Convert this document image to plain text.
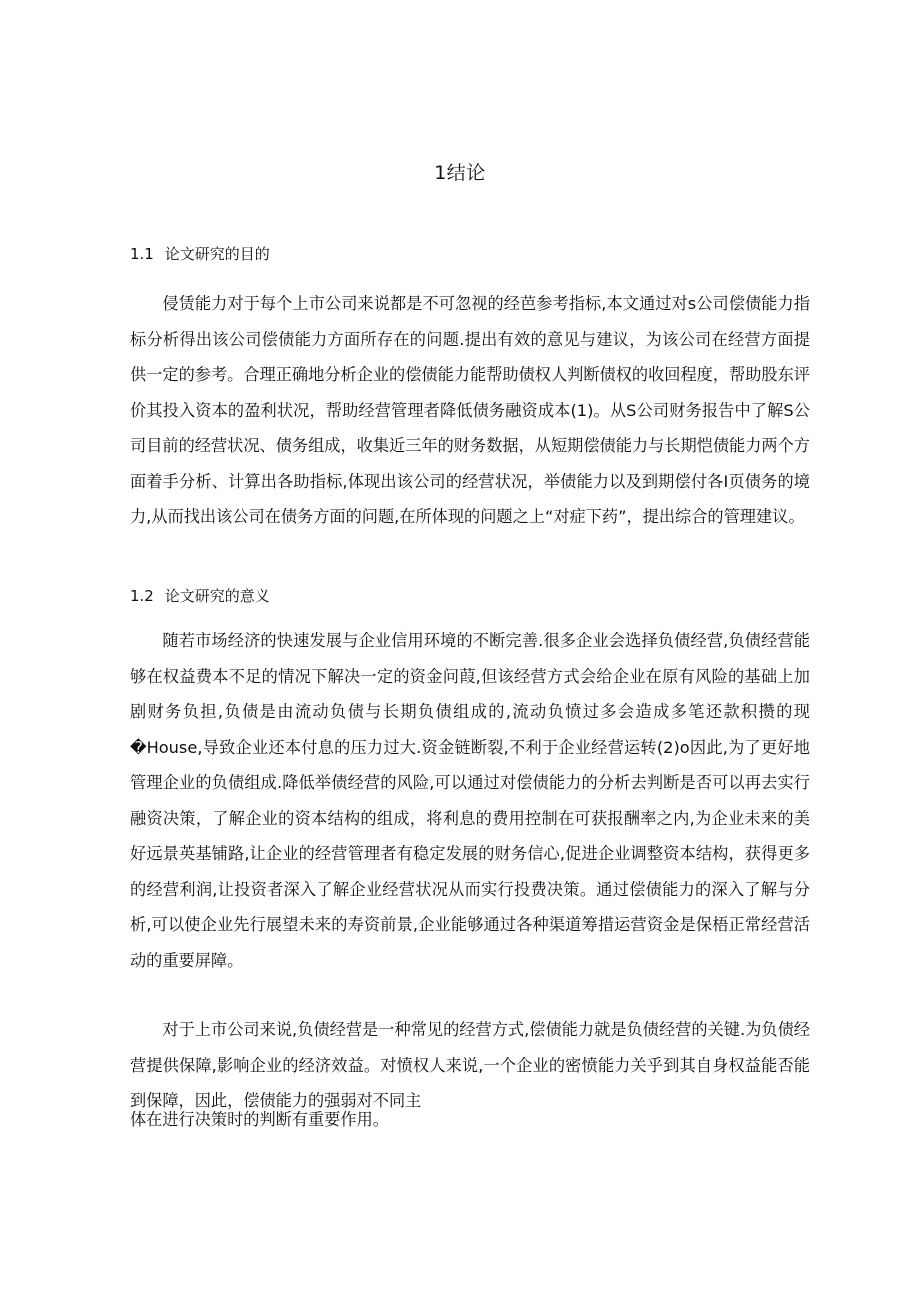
1结论
1.1 论文研究的目的

侵赁能力对于每个上市公司来说都是不可忽视的经芭参考指标,本文通过对s公司偿债能力指标分析得出该公司偿债能力方面所存在的问题.提出有效的意见与建议，为该公司在经营方面提供一定的参考。合理正确地分析企业的偿债能力能帮助债权人判断债权的收回程度，帮助股东评价其投入资本的盈利状况，帮助经营管理者降低债务融资成本(1)。从S公司财务报告中了解S公司目前的经营状况、债务组成，收集近三年的财务数据，从短期偿债能力与长期恺债能力两个方面着手分析、计算出各助指标,体现出该公司的经营状况，举债能力以及到期偿付各I页债务的境力,从而找出该公司在债务方面的问题,在所体现的问题之上“对症下药”，提出综合的管理建议。

1.2 论文研究的意义

随若市场经济的快速发展与企业信用环境的不断完善.很多企业会选择负债经营,负债经营能够在权益费本不足的情况下解决一定的资金问葭,但该经营方式会给企业在原有风险的基础上加剧财务负担,负债是由流动负债与长期负债组成的,流动负愤过多会造成多笔还款积攒的现�House,导致企业还本付息的压力过大.资金链断裂,不利于企业经营运转(2)o因此,为了更好地管理企业的负债组成.降低举债经营的风险,可以通过对偿债能力的分析去判断是否可以再去实行融资决策，了解企业的资本结构的组成，将利息的费用控制在可获报酬率之内,为企业未来的美好远景英基铺路,让企业的经营管理者有稳定发展的财务信心,促进企业调整资本结构，获得更多的经营利润,让投资者深入了解企业经营状况从而实行投费决策。通过偿债能力的深入了解与分析,可以使企业先行展望未来的寿资前景,企业能够通过各种渠道筹措运营资金是保梧正常经营活动的重要屏障。

对于上市公司来说,负债经营是一种常见的经营方式,偿债能力就是负债经营的关键.为负债经营提供保障,影响企业的经济效益。对愤权人来说,一个企业的密愤能力关乎到其自身权益能否能到保障，因此，偿债能力的强弱对不同主

体在进行决策时的判断有重要作用。
